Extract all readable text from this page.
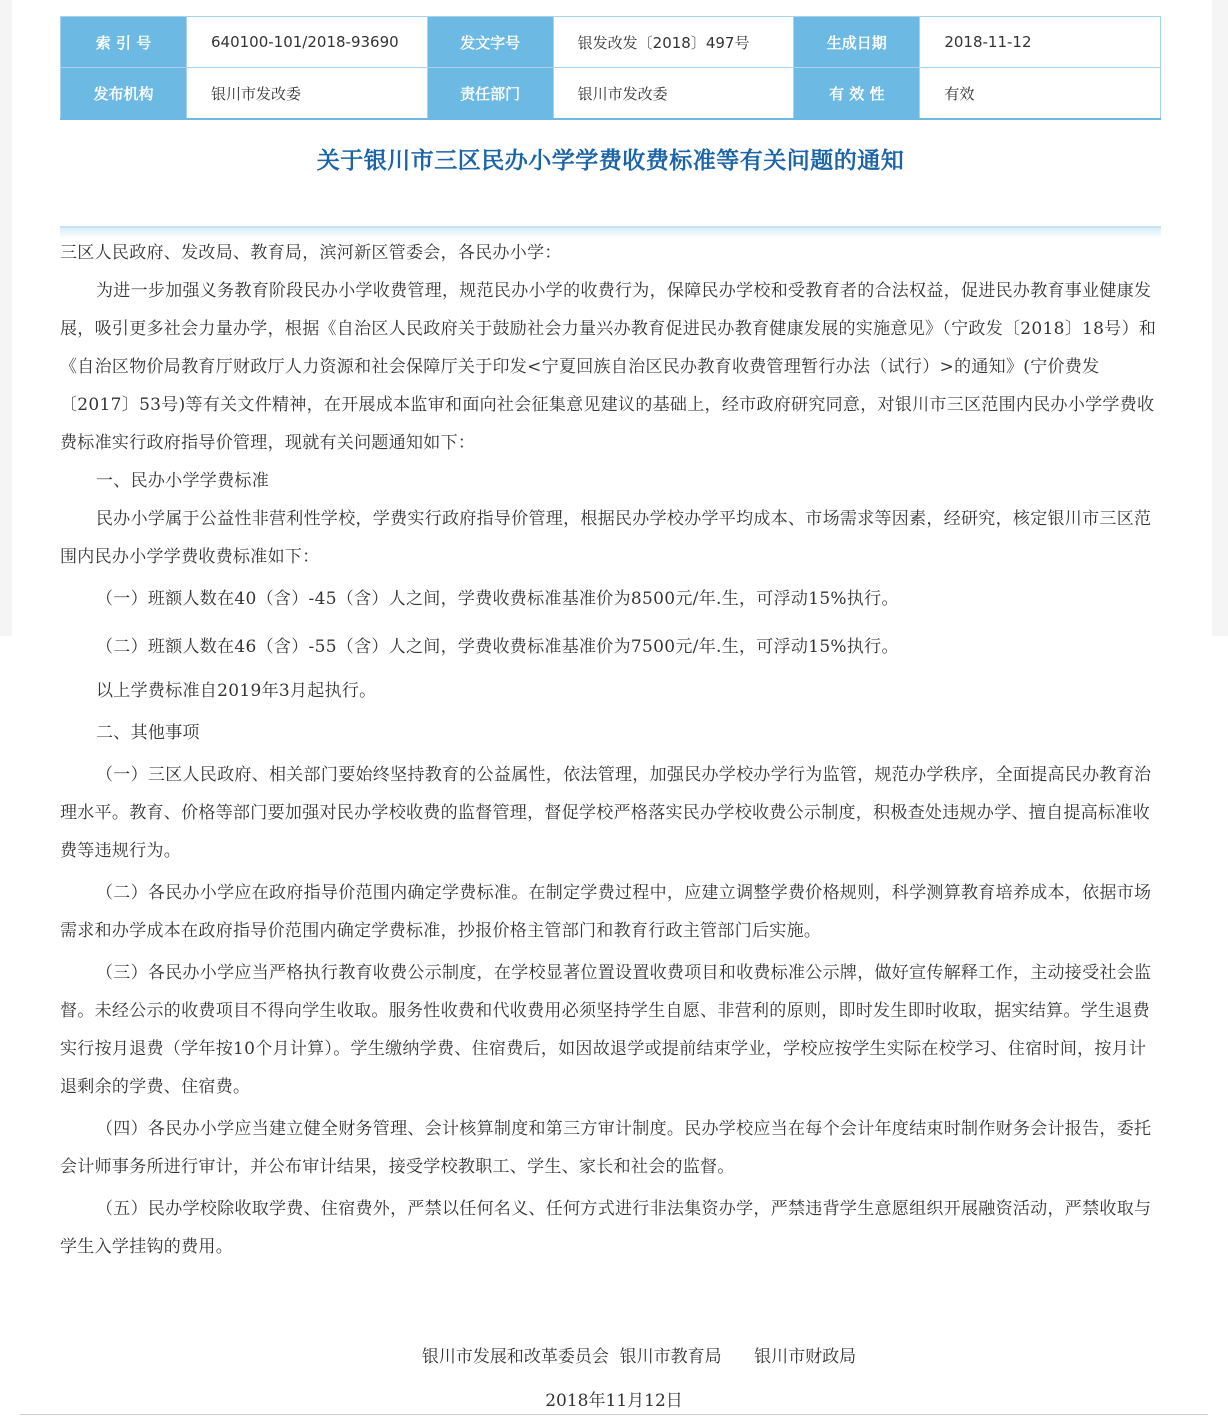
索 引 号	640100-101/2018-93690	发文字号	银发改发〔2018〕497号	生成日期	2018-11-12
发布机构	银川市发改委	责任部门	银川市发改委	有 效 性	有效
关于银川市三区民办小学学费收费标准等有关问题的通知

三区人民政府、发改局、教育局，滨河新区管委会，各民办小学：

为进一步加强义务教育阶段民办小学收费管理，规范民办小学的收费行为，保障民办学校和受教育者的合法权益，促进民办教育事业健康发展，吸引更多社会力量办学，根据《自治区人民政府关于鼓励社会力量兴办教育促进民办教育健康发展的实施意见》（宁政发〔2018〕18号）和《自治区物价局教育厅财政厅人力资源和社会保障厅关于印发<宁夏回族自治区民办教育收费管理暂行办法（试行）>的通知》(宁价费发〔2017〕53号)等有关文件精神，在开展成本监审和面向社会征集意见建议的基础上，经市政府研究同意，对银川市三区范围内民办小学学费收费标准实行政府指导价管理，现就有关问题通知如下：

一、民办小学学费标准

民办小学属于公益性非营利性学校，学费实行政府指导价管理，根据民办学校办学平均成本、市场需求等因素，经研究，核定银川市三区范围内民办小学学费收费标准如下：

（一）班额人数在40（含）-45（含）人之间，学费收费标准基准价为8500元/年.生，可浮动15%执行。

（二）班额人数在46（含）-55（含）人之间，学费收费标准基准价为7500元/年.生，可浮动15%执行。

以上学费标准自2019年3月起执行。

二、其他事项

（一）三区人民政府、相关部门要始终坚持教育的公益属性，依法管理，加强民办学校办学行为监管，规范办学秩序，全面提高民办教育治理水平。教育、价格等部门要加强对民办学校收费的监督管理，督促学校严格落实民办学校收费公示制度，积极查处违规办学、擅自提高标准收费等违规行为。

（二）各民办小学应在政府指导价范围内确定学费标准。在制定学费过程中，应建立调整学费价格规则，科学测算教育培养成本，依据市场需求和办学成本在政府指导价范围内确定学费标准，抄报价格主管部门和教育行政主管部门后实施。

（三）各民办小学应当严格执行教育收费公示制度，在学校显著位置设置收费项目和收费标准公示牌，做好宣传解释工作，主动接受社会监督。未经公示的收费项目不得向学生收取。服务性收费和代收费用必须坚持学生自愿、非营利的原则，即时发生即时收取，据实结算。学生退费实行按月退费（学年按10个月计算）。学生缴纳学费、住宿费后，如因故退学或提前结束学业，学校应按学生实际在校学习、住宿时间，按月计退剩余的学费、住宿费。

（四）各民办小学应当建立健全财务管理、会计核算制度和第三方审计制度。民办学校应当在每个会计年度结束时制作财务会计报告，委托会计师事务所进行审计，并公布审计结果，接受学校教职工、学生、家长和社会的监督。

（五）民办学校除收取学费、住宿费外，严禁以任何名义、任何方式进行非法集资办学，严禁违背学生意愿组织开展融资活动，严禁收取与学生入学挂钩的费用。

银川市发展和改革委员会  银川市教育局      银川市财政局
2018年11月12日
